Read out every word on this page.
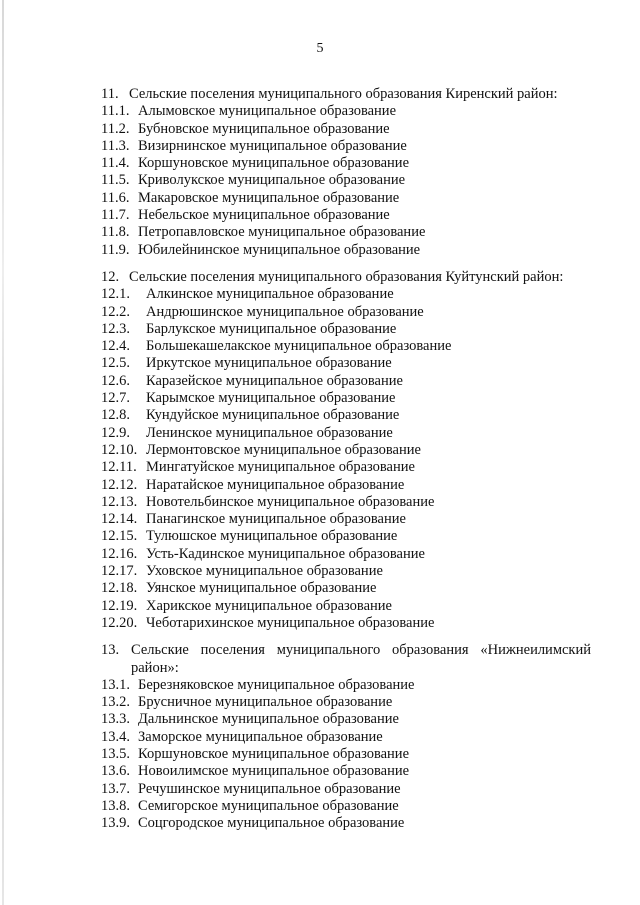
5
11. Сельские поселения муниципального образования Киренский район:
11.1. Алымовское муниципальное образование
11.2. Бубновское муниципальное образование
11.3. Визирнинское муниципальное образование
11.4. Коршуновское муниципальное образование
11.5. Криволукское муниципальное образование
11.6. Макаровское муниципальное образование
11.7. Небельское муниципальное образование
11.8. Петропавловское муниципальное образование
11.9. Юбилейнинское муниципальное образование
12. Сельские поселения муниципального образования Куйтунский район:
12.1.	Алкинское муниципальное образование
12.2.	Андрюшинское муниципальное образование
12.3.	Барлукское муниципальное образование
12.4.	Большекашелакское муниципальное образование
12.5.	Иркутское муниципальное образование
12.6.	Каразейское муниципальное образование
12.7.	Карымское муниципальное образование
12.8.	Кундуйское муниципальное образование
12.9.	Ленинское муниципальное образование
12.10. Лермонтовское муниципальное образование
12.11. Мингатуйское муниципальное образование
12.12. Наратайское муниципальное образование
12.13. Новотельбинское муниципальное образование
12.14. Панагинское муниципальное образование
12.15. Тулюшское муниципальное образование
12.16. Усть-Кадинское муниципальное образование
12.17. Уховское муниципальное образование
12.18. Уянское муниципальное образование
12.19. Харикское муниципальное образование
12.20. Чеботарихинское муниципальное образование
13. Сельские поселения муниципального образования «Нижнеилимский район»:
13.1. Березняковское муниципальное образование
13.2. Брусничное муниципальное образование
13.3. Дальнинское муниципальное образование
13.4. Заморское муниципальное образование
13.5. Коршуновское муниципальное образование
13.6. Новоилимское муниципальное образование
13.7. Речушинское муниципальное образование
13.8. Семигорское муниципальное образование
13.9. Соцгородское муниципальное образование
